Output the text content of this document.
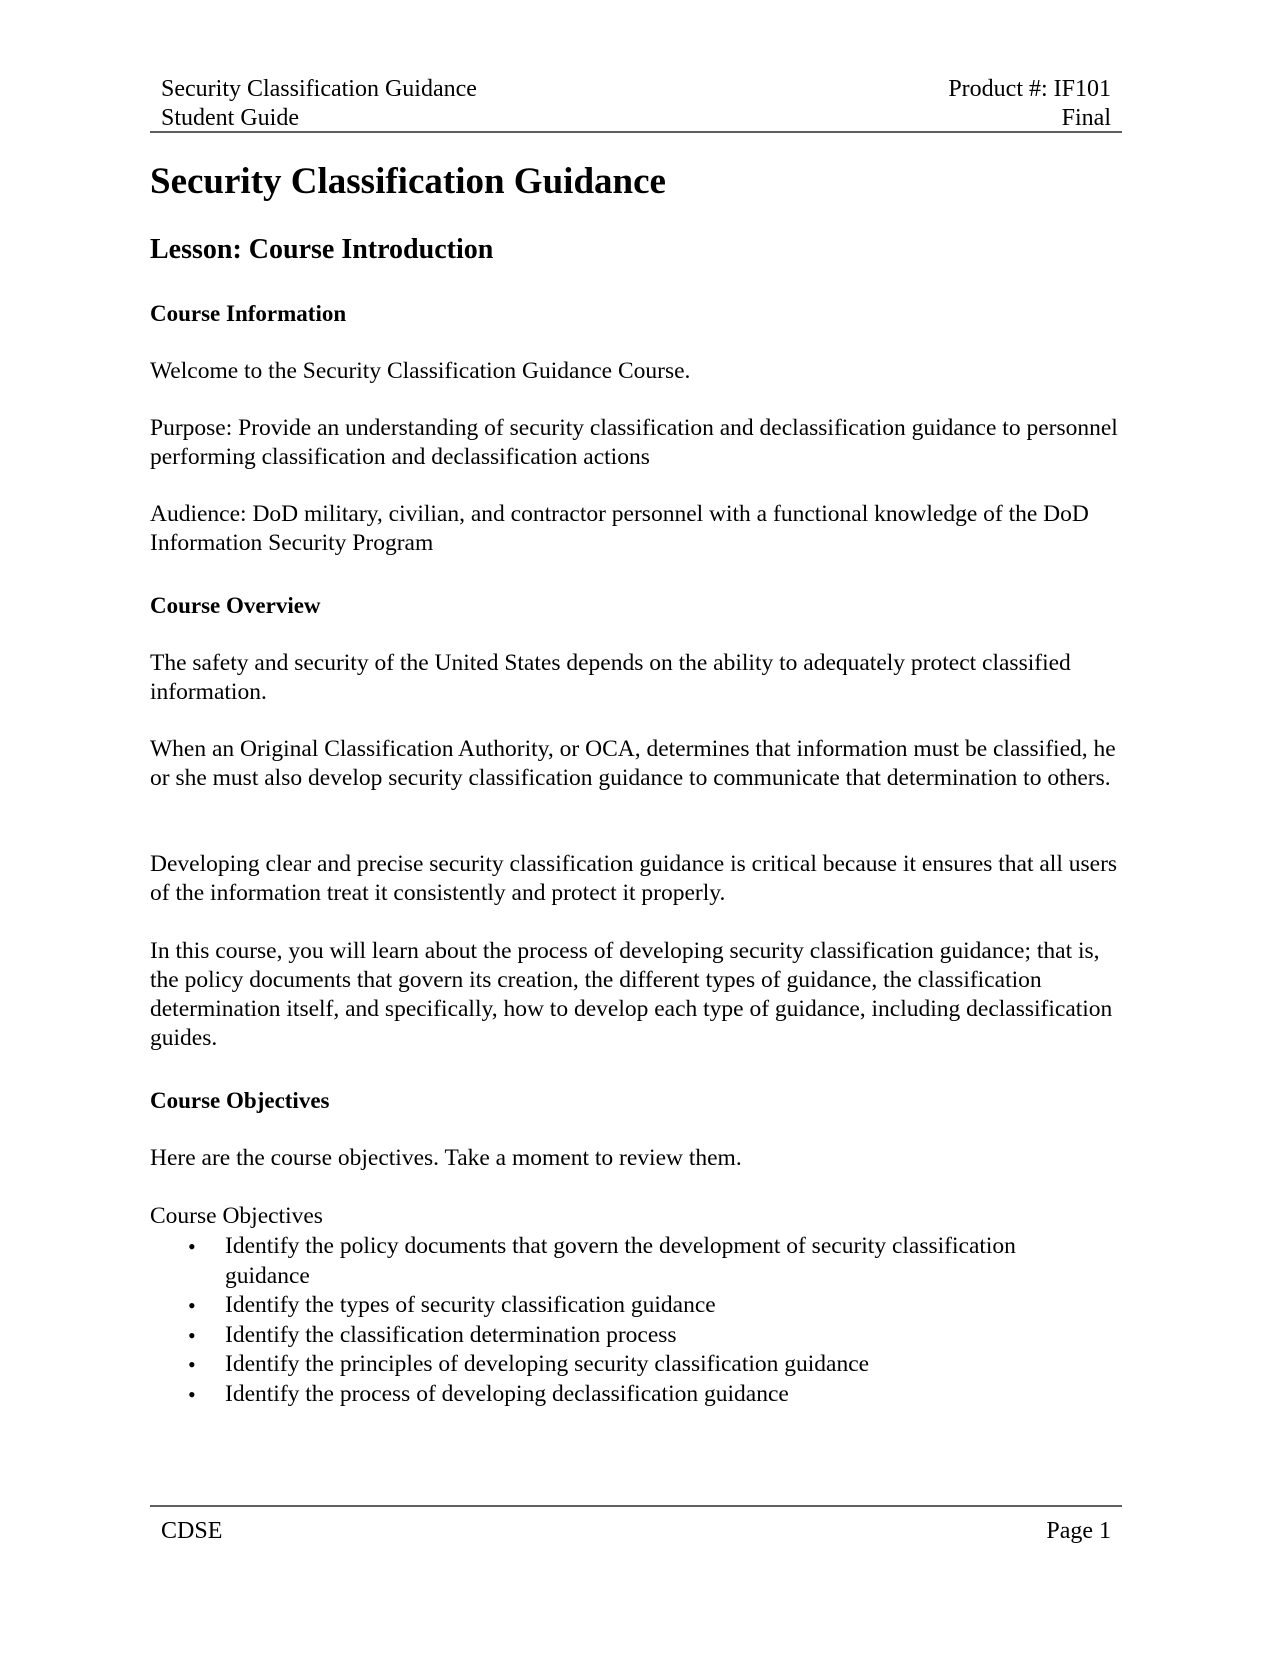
Security Classification Guidance	Product #: IF101
Student Guide	Final
Security Classification Guidance
Lesson: Course Introduction
Course Information

Welcome to the Security Classification Guidance Course.

Purpose: Provide an understanding of security classification and declassification guidance to personnel performing classification and declassification actions

Audience: DoD military, civilian, and contractor personnel with a functional knowledge of the DoD Information Security Program

Course Overview

The safety and security of the United States depends on the ability to adequately protect classified information.

When an Original Classification Authority, or OCA, determines that information must be classified, he or she must also develop security classification guidance to communicate that determination to others.

Developing clear and precise security classification guidance is critical because it ensures that all users of the information treat it consistently and protect it properly.

In this course, you will learn about the process of developing security classification guidance; that is, the policy documents that govern its creation, the different types of guidance, the classification determination itself, and specifically, how to develop each type of guidance, including declassification guides.

Course Objectives

Here are the course objectives. Take a moment to review them.

Course Objectives

• Identify the policy documents that govern the development of security classification guidance
• Identify the types of security classification guidance
• Identify the classification determination process
• Identify the principles of developing security classification guidance
• Identify the process of developing declassification guidance
CDSE	Page 1
